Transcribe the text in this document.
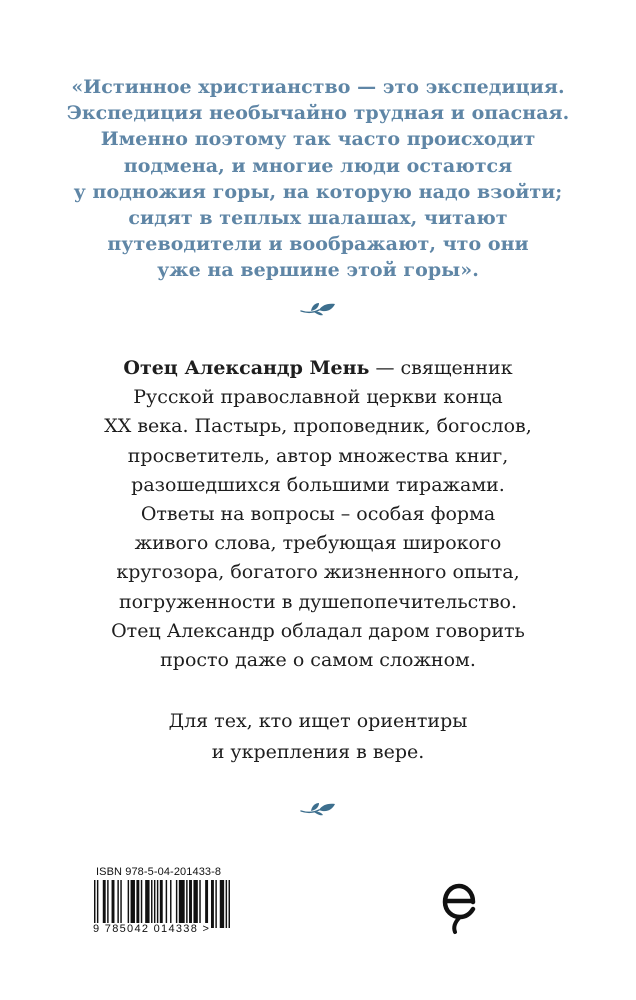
«Истинное христианство — это экспедиция.
Экспедиция необычайно трудная и опасная.
Именно поэтому так часто происходит
подмена, и многие люди остаются
у подножия горы, на которую надо взойти;
сидят в теплых шалашах, читают
путеводители и воображают, что они
уже на вершине этой горы».

Отец Александр Мень — священник
Русской православной церкви конца
XX века. Пастырь, проповедник, богослов,
просветитель, автор множества книг,
разошедшихся большими тиражами.
Ответы на вопросы – особая форма
живого слова, требующая широкого
кругозора, богатого жизненного опыта,
погруженности в душепопечительство.
Отец Александр обладал даром говорить
просто даже о самом сложном.

Для тех, кто ищет ориентиры
и укрепления в вере.

ISBN 978-5-04-201433-8
9 785042 014338 >
